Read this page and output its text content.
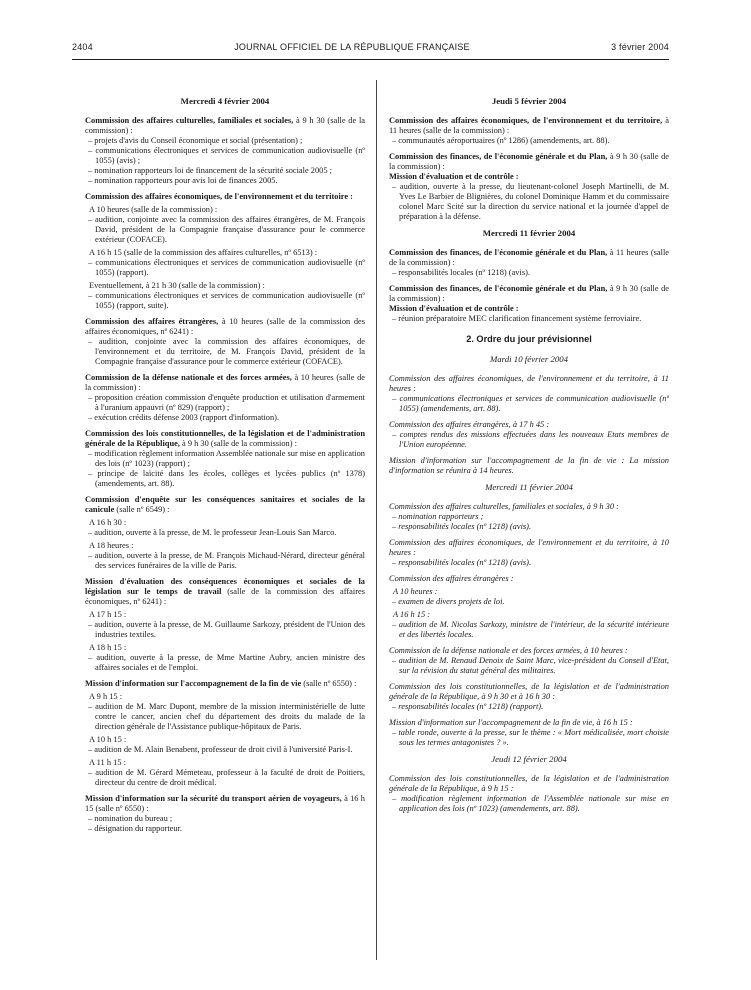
2404	JOURNAL OFFICIEL DE LA RÉPUBLIQUE FRANÇAISE	3 février 2004
Mercredi 4 février 2004
Commission des affaires culturelles, familiales et sociales, à 9 h 30 (salle de la commission) :
– projets d'avis du Conseil économique et social (présentation) ;
– communications électroniques et services de communication audiovisuelle (nº 1055) (avis) ;
– nomination rapporteurs loi de financement de la sécurité sociale 2005 ;
– nomination rapporteurs pour avis loi de finances 2005.
Commission des affaires économiques, de l'environnement et du territoire :
A 10 heures (salle de la commission) :
– audition, conjointe avec la commission des affaires étrangères, de M. François David, président de la Compagnie française d'assurance pour le commerce extérieur (COFACE).
A 16 h 15 (salle de la commission des affaires culturelles, nº 6513) :
– communications électroniques et services de communication audiovisuelle (nº 1055) (rapport).
Eventuellement, à 21 h 30 (salle de la commission) :
– communications électroniques et services de communication audiovisuelle (nº 1055) (rapport, suite).
Commission des affaires étrangères, à 10 heures (salle de la commission des affaires économiques, nº 6241) :
– audition, conjointe avec la commission des affaires économiques, de l'environnement et du territoire, de M. François David, président de la Compagnie française d'assurance pour le commerce extérieur (COFACE).
Commission de la défense nationale et des forces armées, à 10 heures (salle de la commission) :
– proposition création commission d'enquête production et utilisation d'armement à l'uranium appauvri (nº 829) (rapport) ;
– exécution crédits défense 2003 (rapport d'information).
Commission des lois constitutionnelles, de la législation et de l'administration générale de la République, à 9 h 30 (salle de la commission) :
– modification règlement information Assemblée nationale sur mise en application des lois (nº 1023) (rapport) ;
– principe de laïcité dans les écoles, collèges et lycées publics (nº 1378) (amendements, art. 88).
Commission d'enquête sur les conséquences sanitaires et sociales de la canicule (salle nº 6549) :
A 16 h 30 :
– audition, ouverte à la presse, de M. le professeur Jean-Louis San Marco.
A 18 heures :
– audition, ouverte à la presse, de M. François Michaud-Nérard, directeur général des services funéraires de la ville de Paris.
Mission d'évaluation des conséquences économiques et sociales de la législation sur le temps de travail (salle de la commission des affaires économiques, nº 6241) :
A 17 h 15 :
– audition, ouverte à la presse, de M. Guillaume Sarkozy, président de l'Union des industries textiles.
A 18 h 15 :
– audition, ouverte à la presse, de Mme Martine Aubry, ancien ministre des affaires sociales et de l'emploi.
Mission d'information sur l'accompagnement de la fin de vie (salle nº 6550) :
A 9 h 15 :
– audition de M. Marc Dupont, membre de la mission interministérielle de lutte contre le cancer, ancien chef du département des droits du malade de la direction générale de l'Assistance publique-hôpitaux de Paris.
A 10 h 15 :
– audition de M. Alain Benabent, professeur de droit civil à l'université Paris-I.
A 11 h 15 :
– audition de M. Gérard Mémeteau, professeur à la faculté de droit de Poitiers, directeur du centre de droit médical.
Mission d'information sur la sécurité du transport aérien de voyageurs, à 16 h 15 (salle nº 6550) :
– nomination du bureau ;
– désignation du rapporteur.
Jeudi 5 février 2004
Commission des affaires économiques, de l'environnement et du territoire, à 11 heures (salle de la commission) :
– communautés aéroportuaires (nº 1286) (amendements, art. 88).
Commission des finances, de l'économie générale et du Plan, à 9 h 30 (salle de la commission) :
Mission d'évaluation et de contrôle :
– audition, ouverte à la presse, du lieutenant-colonel Joseph Martinelli, de M. Yves Le Barbier de Blignières, du colonel Dominique Hamm et du commissaire colonel Marc Scité sur la direction du service national et la journée d'appel de préparation à la défense.
Mercredi 11 février 2004
Commission des finances, de l'économie générale et du Plan, à 11 heures (salle de la commission) :
– responsabilités locales (nº 1218) (avis).
Commission des finances, de l'économie générale et du Plan, à 9 h 30 (salle de la commission) :
Mission d'évaluation et de contrôle :
– réunion préparatoire MEC clarification financement système ferroviaire.
2. Ordre du jour prévisionnel
Mardi 10 février 2004
Commission des affaires économiques, de l'environnement et du territoire, à 11 heures :
– communications électroniques et services de communication audiovisuelle (nº 1055) (amendements, art. 88).
Commission des affaires étrangères, à 17 h 45 :
– comptes rendus des missions effectuées dans les nouveaux Etats membres de l'Union européenne.
Mission d'information sur l'accompagnement de la fin de vie : La mission d'information se réunira à 14 heures.
Mercredi 11 février 2004
Commission des affaires culturelles, familiales et sociales, à 9 h 30 :
– nomination rapporteurs ;
– responsabilités locales (nº 1218) (avis).
Commission des affaires économiques, de l'environnement et du territoire, à 10 heures :
– responsabilités locales (nº 1218) (avis).
Commission des affaires étrangères :
A 10 heures :
– examen de divers projets de loi.
A 16 h 15 :
– audition de M. Nicolas Sarkozy, ministre de l'intérieur, de la sécurité intérieure et des libertés locales.
Commission de la défense nationale et des forces armées, à 10 heures :
– audition de M. Renaud Denoix de Saint Marc, vice-président du Conseil d'Etat, sur la révision du statut général des militaires.
Commission des lois constitutionnelles, de la législation et de l'administration générale de la République, à 9 h 30 et à 16 h 30 :
– responsabilités locales (nº 1218) (rapport).
Mission d'information sur l'accompagnement de la fin de vie, à 16 h 15 :
– table ronde, ouverte à la presse, sur le thème : « Mort médicalisée, mort choisie sous les termes antagonistes ? ».
Jeudi 12 février 2004
Commission des lois constitutionnelles, de la législation et de l'administration générale de la République, à 9 h 15 :
– modification règlement information de l'Assemblée nationale sur mise en application des lois (nº 1023) (amendements, art. 88).
